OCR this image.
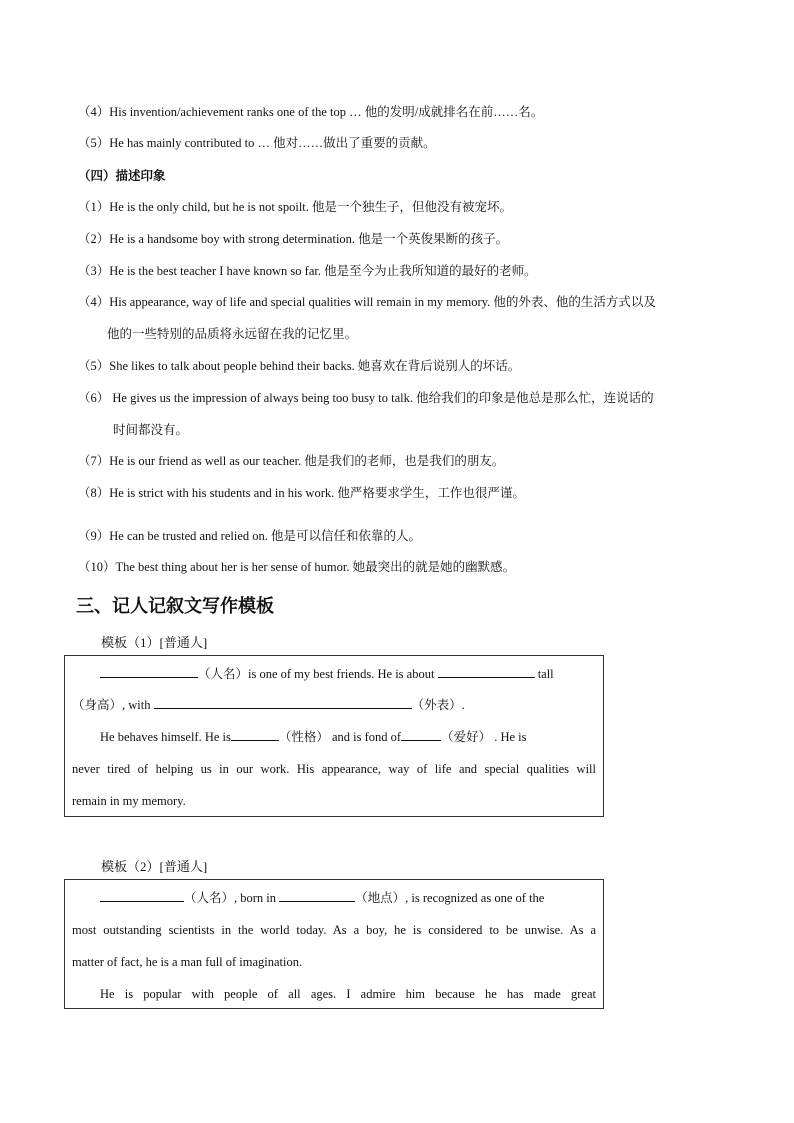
（4）His invention/achievement ranks one of the top … 他的发明/成就排名在前……名。
（5）He has mainly contributed to … 他对……做出了重要的贡献。
（四）描述印象
（1）He is the only child, but he is not spoilt. 他是一个独生子，但他没有被宠坏。
（2）He is a handsome boy with strong determination. 他是一个英俊果断的孩子。
（3）He is the best teacher I have known so far. 他是至今为止我所知道的最好的老师。
（4）His appearance, way of life and special qualities will remain in my memory. 他的外表、他的生活方式以及
他的一些特别的品质将永远留在我的记忆里。
（5）She likes to talk about people behind their backs. 她喜欢在背后说别人的坏话。
（6） He gives us the impression of always being too busy to talk. 他给我们的印象是他总是那么忙，连说话的
时间都没有。
（7）He is our friend as well as our teacher. 他是我们的老师，也是我们的朋友。
（8）He is strict with his students and in his work. 他严格要求学生，工作也很严谨。
（9）He can be trusted and relied on. 他是可以信任和依靠的人。
（10）The best thing about her is her sense of humor. 她最突出的就是她的幽默感。
三、记人记叙文写作模板
模板（1）[普通人]
（人名）is one of my best friends. He is about	tall
（身高）, with	（外表）.
He behaves himself. He is	（性格） and is fond of	（爱好） . He is
never tired of helping us in our work. His appearance, way of life and special qualities will
remain in my memory.
模板（2）[普通人]
（人名）, born in	（地点）, is recognized as one of the
most outstanding scientists in the world today. As a boy, he is considered to be unwise. As a
matter of fact, he is a man full of imagination.
He is popular with people of all ages. I admire him because he has made great
